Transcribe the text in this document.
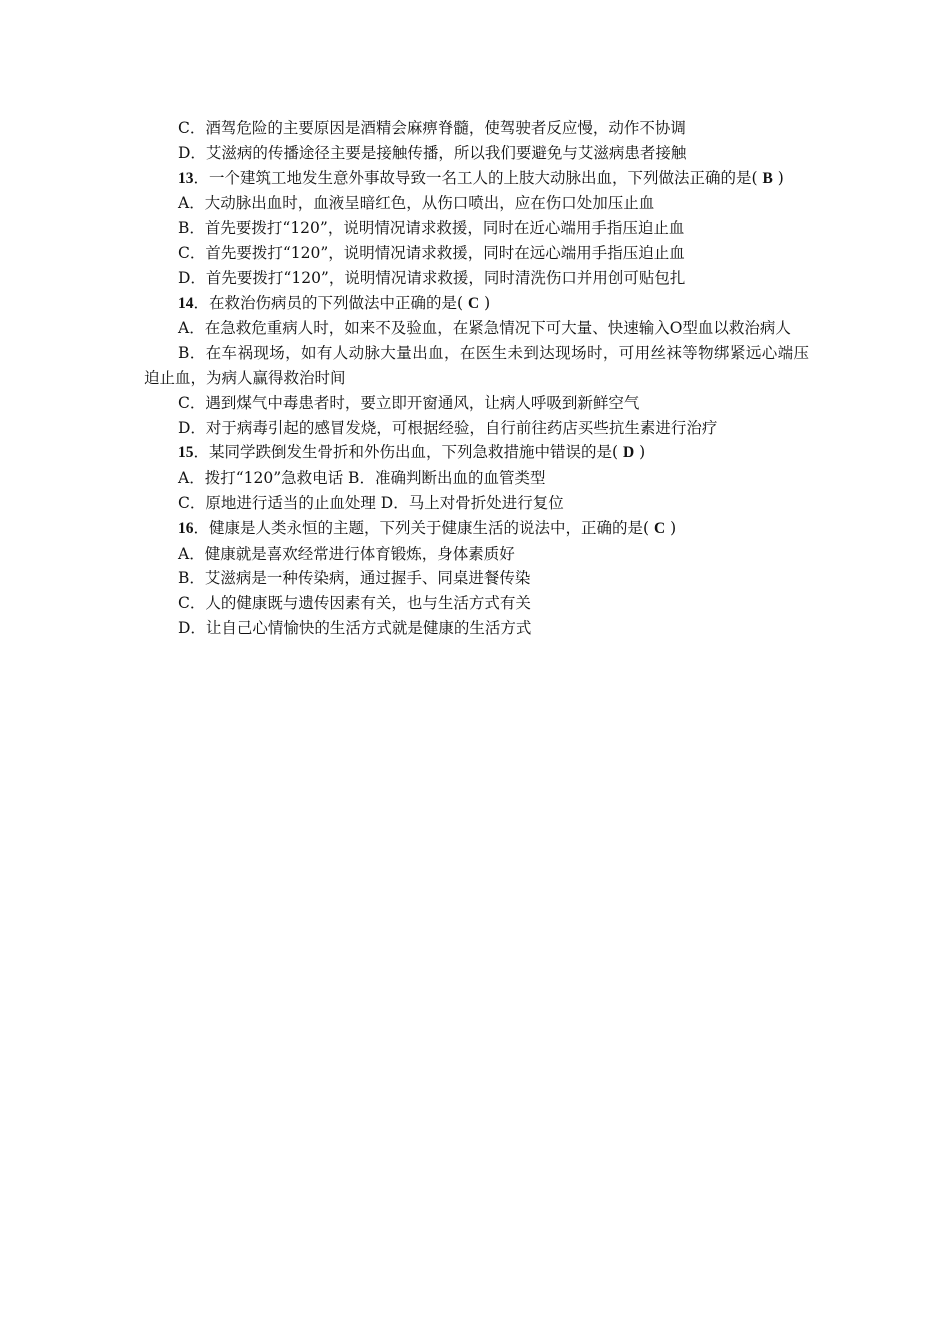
C．酒驾危险的主要原因是酒精会麻痹脊髓，使驾驶者反应慢，动作不协调
D．艾滋病的传播途径主要是接触传播，所以我们要避免与艾滋病患者接触
13．一个建筑工地发生意外事故导致一名工人的上肢大动脉出血，下列做法正确的是( B )
A．大动脉出血时，血液呈暗红色，从伤口喷出，应在伤口处加压止血
B．首先要拨打“120”，说明情况请求救援，同时在近心端用手指压迫止血
C．首先要拨打“120”，说明情况请求救援，同时在远心端用手指压迫止血
D．首先要拨打“120”，说明情况请求救援，同时清洗伤口并用创可贴包扎
14．在救治伤病员的下列做法中正确的是( C )
A．在急救危重病人时，如来不及验血，在紧急情况下可大量、快速输入O型血以救治病人
B．在车祸现场，如有人动脉大量出血，在医生未到达现场时，可用丝袜等物绑紧远心端压迫止血，为病人赢得救治时间
C．遇到煤气中毒患者时，要立即开窗通风，让病人呼吸到新鲜空气
D．对于病毒引起的感冒发烧，可根据经验，自行前往药店买些抗生素进行治疗
15．某同学跌倒发生骨折和外伤出血，下列急救措施中错误的是( D )
A．拨打“120”急救电话 B．准确判断出血的血管类型
C．原地进行适当的止血处理 D．马上对骨折处进行复位
16．健康是人类永恒的主题，下列关于健康生活的说法中，正确的是( C )
A．健康就是喜欢经常进行体育锻炼，身体素质好
B．艾滋病是一种传染病，通过握手、同桌进餐传染
C．人的健康既与遗传因素有关，也与生活方式有关
D．让自己心情愉快的生活方式就是健康的生活方式
